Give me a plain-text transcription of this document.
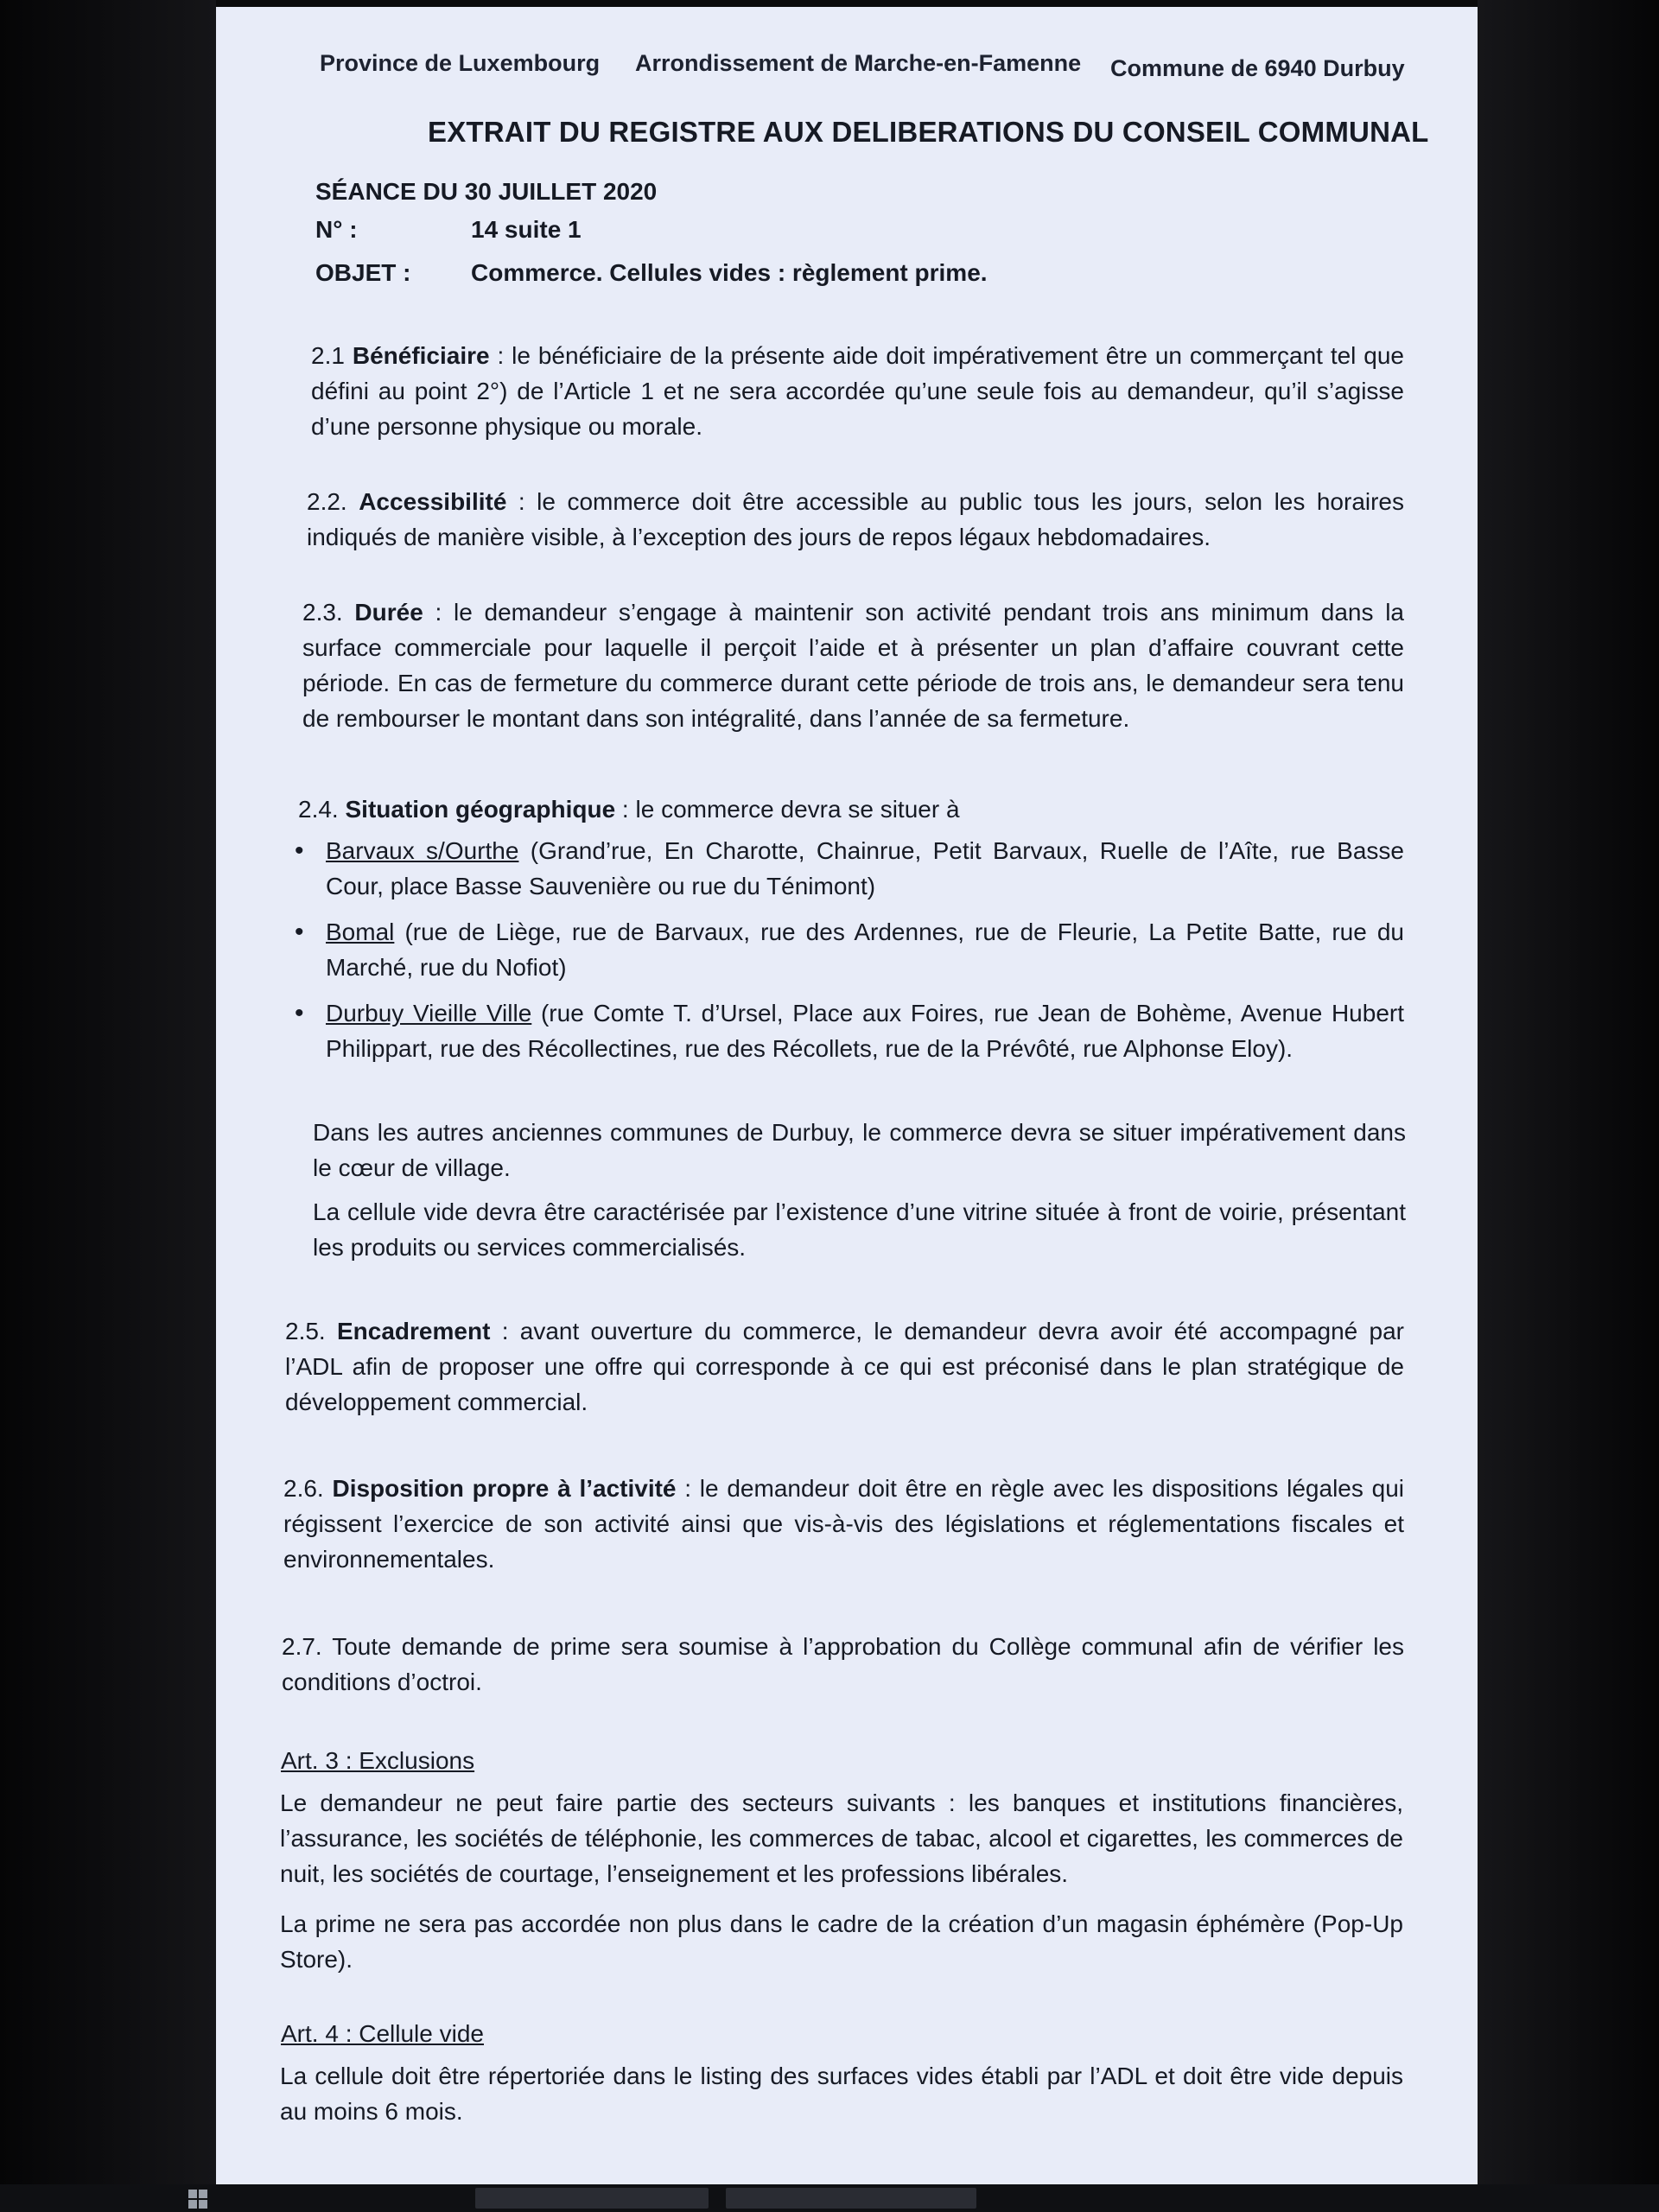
Province de Luxembourg Arrondissement de Marche-en-Famenne Commune de 6940 Durbuy
EXTRAIT DU REGISTRE AUX DELIBERATIONS DU CONSEIL COMMUNAL
SÉANCE DU 30 JUILLET 2020
N° :	14 suite 1
OBJET : Commerce. Cellules vides : règlement prime.
2.1 Bénéficiaire : le bénéficiaire de la présente aide doit impérativement être un commerçant tel que défini au point 2°) de l’Article 1 et ne sera accordée qu’une seule fois au demandeur, qu’il s’agisse d’une personne physique ou morale.
2.2. Accessibilité : le commerce doit être accessible au public tous les jours, selon les horaires indiqués de manière visible, à l’exception des jours de repos légaux hebdomadaires.
2.3. Durée : le demandeur s’engage à maintenir son activité pendant trois ans minimum dans la surface commerciale pour laquelle il perçoit l’aide et à présenter un plan d’affaire couvrant cette période. En cas de fermeture du commerce durant cette période de trois ans, le demandeur sera tenu de rembourser le montant dans son intégralité, dans l’année de sa fermeture.
2.4. Situation géographique : le commerce devra se situer à
• Barvaux s/Ourthe (Grand’rue, En Charotte, Chainrue, Petit Barvaux, Ruelle de l’Aîte, rue Basse Cour, place Basse Sauvenière ou rue du Ténimont)
• Bomal (rue de Liège, rue de Barvaux, rue des Ardennes, rue de Fleurie, La Petite Batte, rue du Marché, rue du Nofiot)
• Durbuy Vieille Ville (rue Comte T. d’Ursel, Place aux Foires, rue Jean de Bohème, Avenue Hubert Philippart, rue des Récollectines, rue des Récollets, rue de la Prévôté, rue Alphonse Eloy).
Dans les autres anciennes communes de Durbuy, le commerce devra se situer impérativement dans le cœur de village.
La cellule vide devra être caractérisée par l’existence d’une vitrine située à front de voirie, présentant les produits ou services commercialisés.
2.5. Encadrement : avant ouverture du commerce, le demandeur devra avoir été accompagné par l’ADL afin de proposer une offre qui corresponde à ce qui est préconisé dans le plan stratégique de développement commercial.
2.6. Disposition propre à l’activité : le demandeur doit être en règle avec les dispositions légales qui régissent l’exercice de son activité ainsi que vis-à-vis des législations et réglementations fiscales et environnementales.
2.7. Toute demande de prime sera soumise à l’approbation du Collège communal afin de vérifier les conditions d’octroi.
Art. 3 : Exclusions
Le demandeur ne peut faire partie des secteurs suivants : les banques et institutions financières, l’assurance, les sociétés de téléphonie, les commerces de tabac, alcool et cigarettes, les commerces de nuit, les sociétés de courtage, l’enseignement et les professions libérales.
La prime ne sera pas accordée non plus dans le cadre de la création d’un magasin éphémère (Pop-Up Store).
Art. 4 : Cellule vide
La cellule doit être répertoriée dans le listing des surfaces vides établi par l’ADL et doit être vide depuis au moins 6 mois.
